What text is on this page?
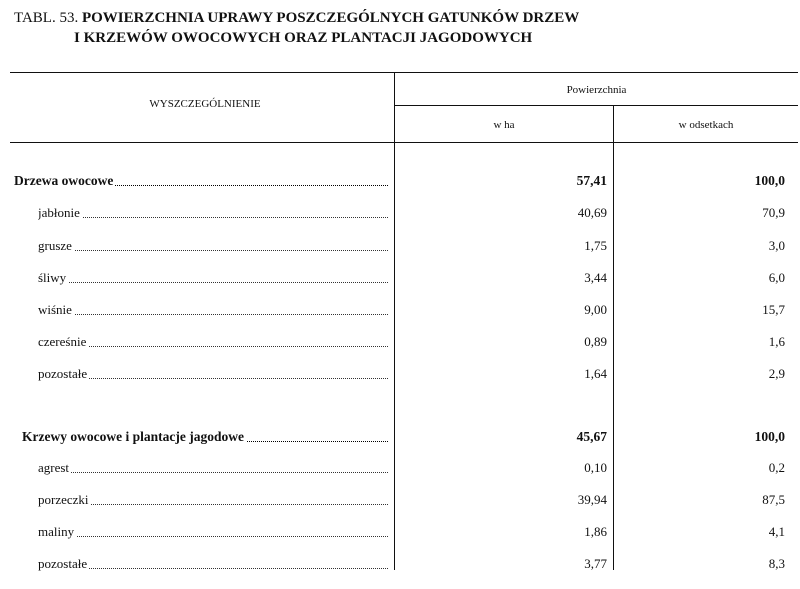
TABL. 53. POWIERZCHNIA UPRAWY POSZCZEGÓLNYCH GATUNKÓW DRZEW
I KRZEWÓW OWOCOWYCH ORAZ PLANTACJI JAGODOWYCH
WYSZCZEGÓLNIENIE
Powierzchnia
w ha	w odsetkach
Drzewa owocowe	57,41	100,0
jabłonie	40,69	70,9
grusze	1,75	3,0
śliwy	3,44	6,0
wiśnie	9,00	15,7
czereśnie	0,89	1,6
pozostałe	1,64	2,9
Krzewy owocowe i plantacje jagodowe	45,67	100,0
agrest	0,10	0,2
porzeczki	39,94	87,5
maliny	1,86	4,1
pozostałe	3,77	8,3
